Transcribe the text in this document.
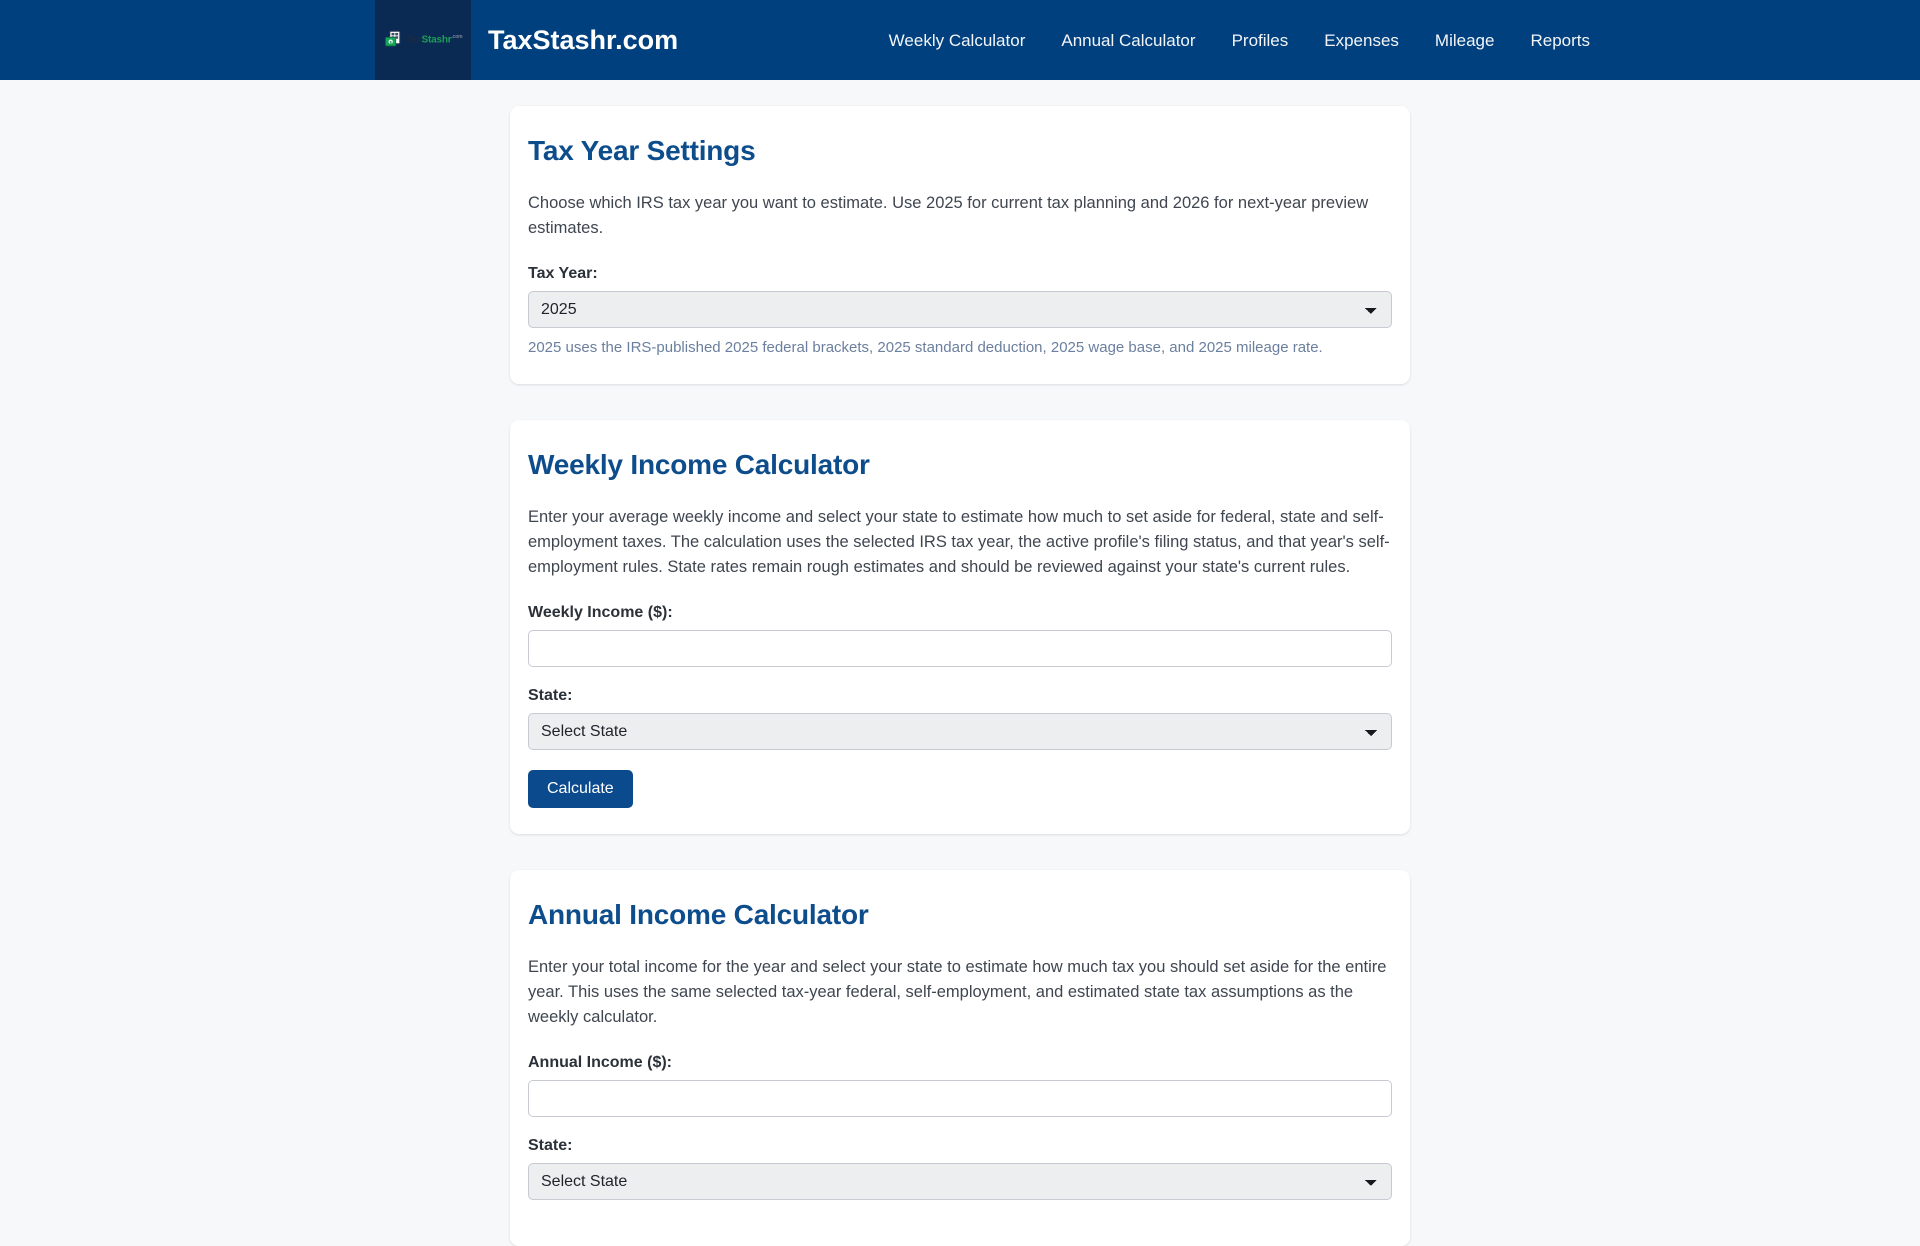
$ TaxStashr$^{.com}$ TaxStashr.com	Weekly Calculator Annual Calculator Profiles Expenses Mileage Reports
Tax Year Settings

Choose which IRS tax year you want to estimate. Use 2025 for current tax planning and 2026 for next-year preview estimates.

Tax Year:
2025

2025 uses the IRS-published 2025 federal brackets, 2025 standard deduction, 2025 wage base, and 2025 mileage rate.

Weekly Income Calculator

Enter your average weekly income and select your state to estimate how much to set aside for federal, state and self-employment taxes. The calculation uses the selected IRS tax year, the active profile's filing status, and that year's self-employment rules. State rates remain rough estimates and should be reviewed against your state's current rules.

Weekly Income ($):
State:
Select State
Calculate
Annual Income Calculator

Enter your total income for the year and select your state to estimate how much tax you should set aside for the entire year. This uses the same selected tax-year federal, self-employment, and estimated state tax assumptions as the weekly calculator.

Annual Income ($):
State:
Select State
